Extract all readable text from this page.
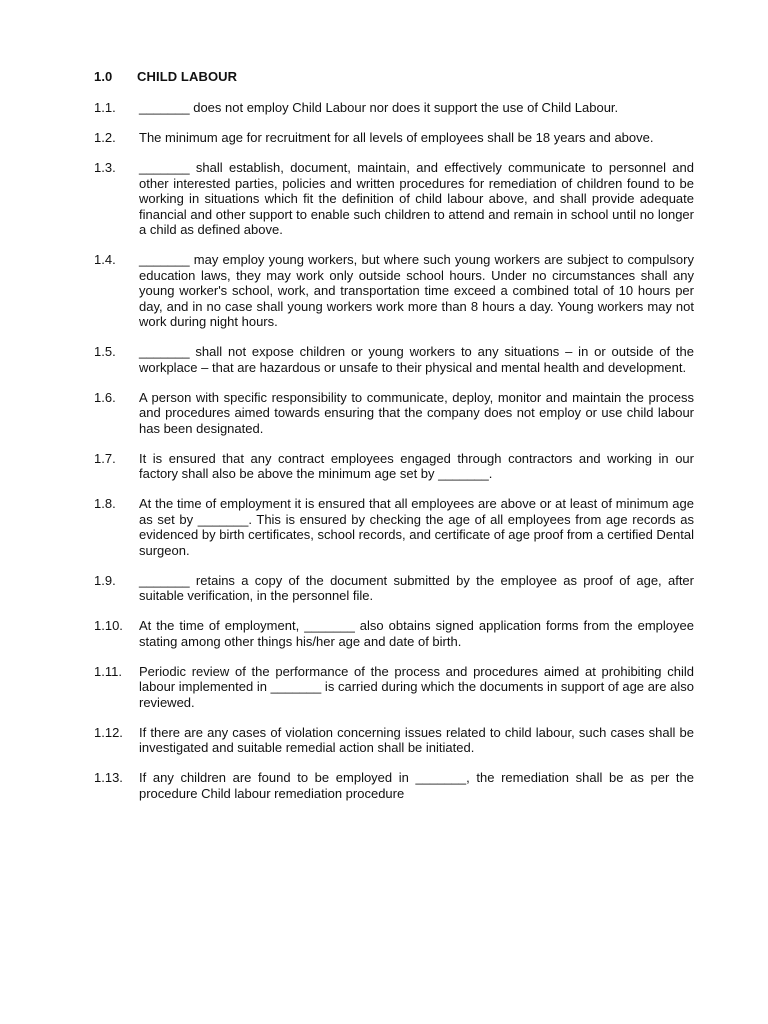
1.0 CHILD LABOUR
1.1. _______ does not employ Child Labour nor does it support the use of Child Labour.
1.2. The minimum age for recruitment for all levels of employees shall be 18 years and above.
1.3. _______ shall establish, document, maintain, and effectively communicate to personnel and other interested parties, policies and written procedures for remediation of children found to be working in situations which fit the definition of child labour above, and shall provide adequate financial and other support to enable such children to attend and remain in school until no longer a child as defined above.
1.4. _______ may employ young workers, but where such young workers are subject to compulsory education laws, they may work only outside school hours. Under no circumstances shall any young worker's school, work, and transportation time exceed a combined total of 10 hours per day, and in no case shall young workers work more than 8 hours a day. Young workers may not work during night hours.
1.5. _______ shall not expose children or young workers to any situations – in or outside of the workplace – that are hazardous or unsafe to their physical and mental health and development.
1.6. A person with specific responsibility to communicate, deploy, monitor and maintain the process and procedures aimed towards ensuring that the company does not employ or use child labour has been designated.
1.7. It is ensured that any contract employees engaged through contractors and working in our factory shall also be above the minimum age set by _______.
1.8. At the time of employment it is ensured that all employees are above or at least of minimum age as set by _______. This is ensured by checking the age of all employees from age records as evidenced by birth certificates, school records, and certificate of age proof from a certified Dental surgeon.
1.9. _______ retains a copy of the document submitted by the employee as proof of age, after suitable verification, in the personnel file.
1.10. At the time of employment, _______ also obtains signed application forms from the employee stating among other things his/her age and date of birth.
1.11. Periodic review of the performance of the process and procedures aimed at prohibiting child labour implemented in _______ is carried during which the documents in support of age are also reviewed.
1.12. If there are any cases of violation concerning issues related to child labour, such cases shall be investigated and suitable remedial action shall be initiated.
1.13. If any children are found to be employed in _______, the remediation shall be as per the procedure Child labour remediation procedure
